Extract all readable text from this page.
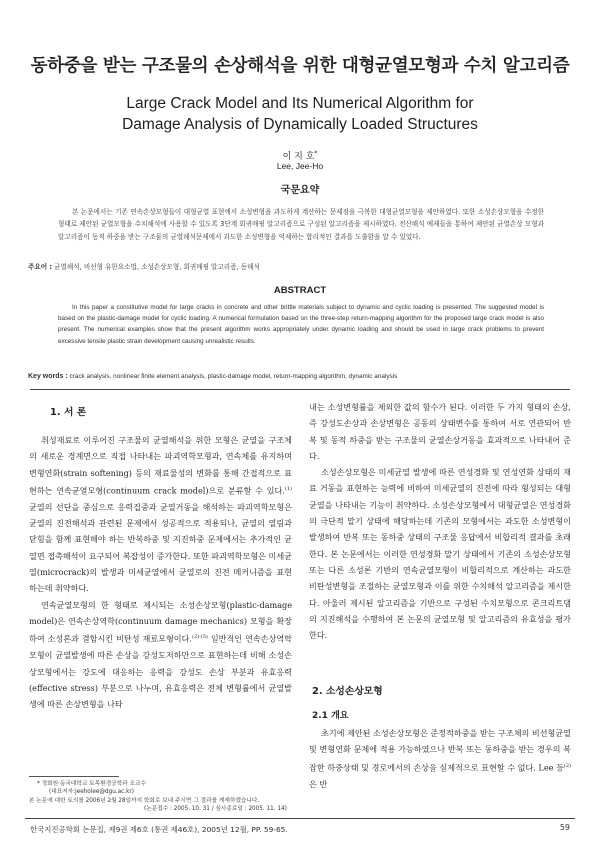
동하중을 받는 구조물의 손상해석을 위한 대형균열모형과 수치 알고리즘
Large Crack Model and Its Numerical Algorithm for
Damage Analysis of Dynamically Loaded Structures
이 지 호*
Lee, Jee-Ho
국문요약
본 논문에서는 기존 연속손상모형들이 대형균열 표현에서 소성변형을 과도하게 계산하는 문제점을 극복한 대형균열모형을 제안하였다. 또한 소성손상모형을 수정한 형태로 제안된 균열모형을 수치해석에 사용할 수 있도록 3단계 회귀매핑 알고리즘으로 구성된 알고리즘을 제시하였다. 전산해석 예제들을 통하여 제안된 균열손상 모형과 알고리즘이 동적 하중을 받는 구조물의 균열해석문제에서 과도한 소성변형을 억제하는 합리적인 결과를 도출함을 알 수 있었다.
주요어 : 균열해석, 비선형 유한요소법, 소성손상모형, 회귀매핑 알고리즘, 동해석
ABSTRACT
In this paper a constitutive model for large cracks in concrete and other brittle materials subject to dynamic and cyclic loading is presented. The suggested model is based on the plastic-damage model for cyclic loading. A numerical formulation based on the three-step return-mapping algorithm for the proposed large crack model is also present. The numerical examples show that the present algorithm works appropriately under dynamic loading and should be used in large crack problems to prevent excessive tensile plastic strain development causing unrealistic results.
Key words : crack analysis, nonlinear finite element analysis, plastic-damage model, return-mapping algorithm, dynamic analysis
1. 서 론

취성재료로 이루어진 구조물의 균열해석을 위한 모형은 균열을 구조체의 새로운 경계면으로 직접 나타내는 파괴역학모형과, 연속체를 유지하며 변형연화(strain softening) 등의 재료물성의 변화를 통해 간접적으로 표현하는 연속균열모형(continuum crack model)으로 분류할 수 있다.$^{(1)}$ 균열의 선단을 중심으로 응력집중과 균열거동을 해석하는 파괴역학모형은 균열의 진전해석과 관련된 문제에서 성공적으로 적용되나, 균열의 열림과 닫힘을 함께 표현해야 하는 반복하중 및 지진하중 문제에서는 추가적인 균열면 접촉해석이 요구되어 복잡성이 증가한다. 또한 파괴역학모형은 미세균열(microcrack)의 발생과 미세균열에서 균열로의 진전 메커니즘을 표현하는데 취약하다.

연속균열모형의 한 형태로 제시되는 소성손상모형(plastic-damage model)은 연속손상역학(continuum damage mechanics) 모형을 확장하여 소성론과 결합시킨 비탄성 재료모형이다.$^{(2)-(5)}$ 일반적인 연속손상역학모형이 균열발생에 따른 손상을 강성도저하만으로 표현하는데 비해 소성손상모형에서는 강도에 대응하는 응력을 강성도 손상 부분과 유효응력(effective stress) 부분으로 나누며, 유효응력은 전체 변형률에서 균열발생에 따른 손상변형을 나타

내는 소성변형률을 제외한 값의 함수가 된다. 이러한 두 가지 형태의 손상, 즉 강성도손상과 손상변형은 공동의 상태변수를 통하여 서로 연관되어 반복 및 동적 하중을 받는 구조물의 균열손상거동을 효과적으로 나타내어 준다.

소성손상모형은 미세균열 발생에 따른 연성경화 및 연성연화 상태의 재료 거동을 표현하는 능력에 비하여 미세균열의 진전에 따라 형성되는 대형균열을 나타내는 기능이 취약하다. 소성손상모형에서 대형균열은 연성경화의 극단적 말기 상태에 해당하는데 기존의 모형에서는 과도한 소성변형이 발생하여 반복 또는 동하중 상태의 구조물 응답에서 비합리적 결과를 초래한다. 본 논문에서는 이러한 연성경화 말기 상태에서 기존의 소성손상모형 또는 다른 소성론 기반의 연속균열모형이 비합리적으로 계산하는 과도한 비탄성변형을 조절하는 균열모형과 이를 위한 수치해석 알고리즘을 제시한다. 아울러 제시된 알고리즘을 기반으로 구성된 수치모형으로 콘크리트댐의 지진해석을 수행하여 본 논문의 균열모형 및 알고리즘의 유효성을 평가한다.

2. 소성손상모형
2.1 개요

초기에 제안된 소성손상모형은 준정적하중을 받는 구조체의 비선형균열 및 변형연화 문제에 적용 가능하였으나 반복 또는 동하중을 받는 경우의 복잡한 하중상태 및 경로에서의 손상을 실제적으로 표현할 수 없다. Lee 등$^{(2)}$은 반

* 정회원·동국대학교 토목환경공학과 조교수
(대표저자:jeeholee@dgu.ac.kr)
본 논문에 대한 토의를 2006년 2월 28일까지 학회로 보내 주시면 그 결과를 게재하겠습니다.
(논문접수 : 2005. 10. 31 / 심사종료일 : 2005. 11. 14)
한국지진공학회 논문집, 제9권 제6호 (통권 제46호), 2005년 12월, PP. 59-65.	59
